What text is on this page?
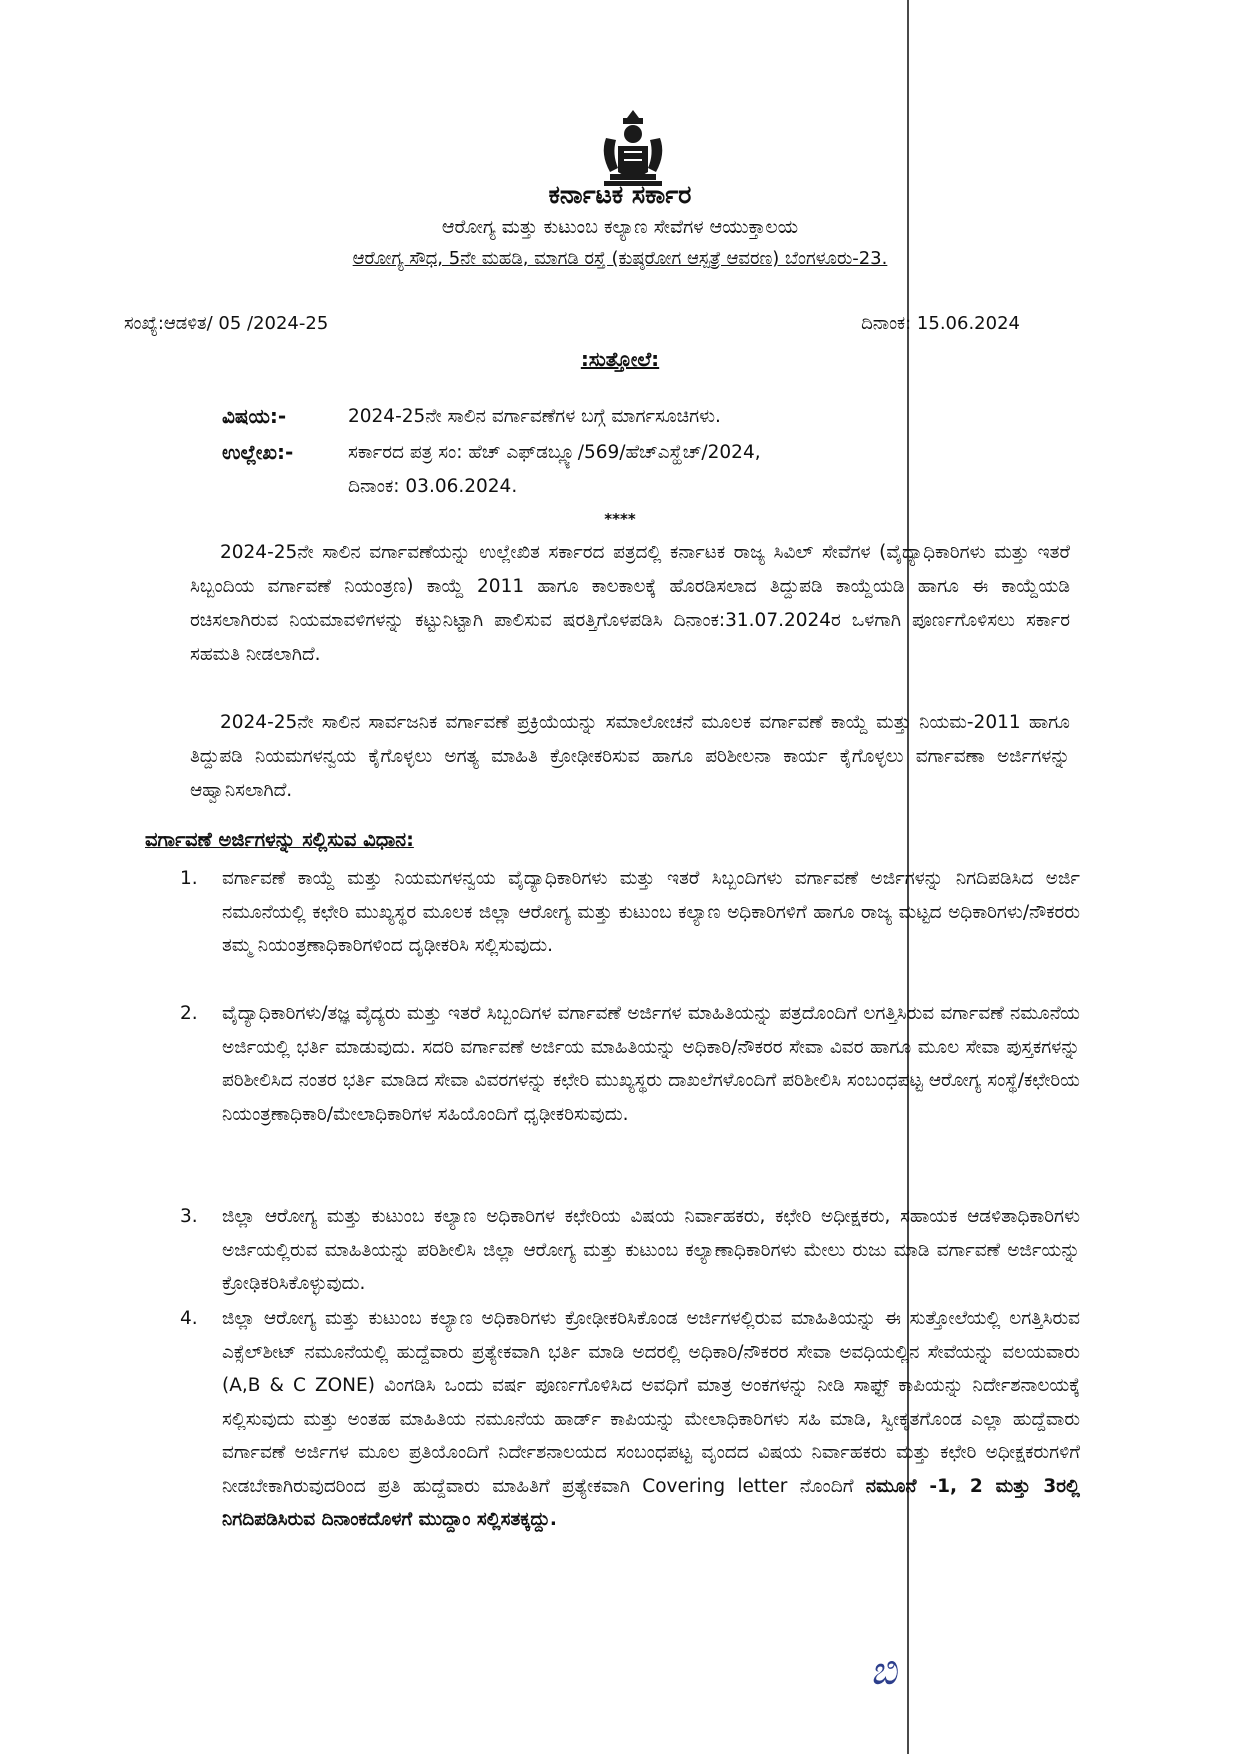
ಕರ್ನಾಟಕ ಸರ್ಕಾರ
ಆರೋಗ್ಯ ಮತ್ತು ಕುಟುಂಬ ಕಲ್ಯಾಣ ಸೇವೆಗಳ ಆಯುಕ್ತಾಲಯ
ಆರೋಗ್ಯ ಸೌಧ, 5ನೇ ಮಹಡಿ, ಮಾಗಡಿ ರಸ್ತೆ (ಕುಷ್ಠರೋಗ ಆಸ್ಪತ್ರೆ ಆವರಣ) ಬೆಂಗಳೂರು-23.
ಸಂಖ್ಯೆ:ಆಡಳಿತ/ 05 /2024-25	ದಿನಾಂಕ: 15.06.2024
:ಸುತ್ತೋಲೆ:
ವಿಷಯ:-	2024-25ನೇ ಸಾಲಿನ ವರ್ಗಾವಣೆಗಳ ಬಗ್ಗೆ ಮಾರ್ಗಸೂಚಿಗಳು.
ಉಲ್ಲೇಖ:-	ಸರ್ಕಾರದ ಪತ್ರ ಸಂ: ಹೆಚ್ ಎಫ್‌ಡಬ್ಲ್ಯೂ/569/ಹೆಚ್ಎಸ್ಹೆಚ್/2024,
ದಿನಾಂಕ: 03.06.2024.
****
2024-25ನೇ ಸಾಲಿನ ವರ್ಗಾವಣೆಯನ್ನು ಉಲ್ಲೇಖಿತ ಸರ್ಕಾರದ ಪತ್ರದಲ್ಲಿ ಕರ್ನಾಟಕ ರಾಜ್ಯ ಸಿವಿಲ್ ಸೇವೆಗಳ (ವೈದ್ಯಾಧಿಕಾರಿಗಳು ಮತ್ತು ಇತರೆ ಸಿಬ್ಬಂದಿಯ ವರ್ಗಾವಣೆ ನಿಯಂತ್ರಣ) ಕಾಯ್ದೆ 2011 ಹಾಗೂ ಕಾಲಕಾಲಕ್ಕೆ ಹೊರಡಿಸಲಾದ ತಿದ್ದುಪಡಿ ಕಾಯ್ದೆಯಡಿ ಹಾಗೂ ಈ ಕಾಯ್ದೆಯಡಿ ರಚಿಸಲಾಗಿರುವ ನಿಯಮಾವಳಿಗಳನ್ನು ಕಟ್ಟುನಿಟ್ಟಾಗಿ ಪಾಲಿಸುವ ಷರತ್ತಿಗೊಳಪಡಿಸಿ ದಿನಾಂಕ:31.07.2024ರ ಒಳಗಾಗಿ ಪೂರ್ಣಗೊಳಿಸಲು ಸರ್ಕಾರ ಸಹಮತಿ ನೀಡಲಾಗಿದೆ.
2024-25ನೇ ಸಾಲಿನ ಸಾರ್ವಜನಿಕ ವರ್ಗಾವಣೆ ಪ್ರಕ್ರಿಯೆಯನ್ನು ಸಮಾಲೋಚನೆ ಮೂಲಕ ವರ್ಗಾವಣೆ ಕಾಯ್ದೆ ಮತ್ತು ನಿಯಮ-2011 ಹಾಗೂ ತಿದ್ದುಪಡಿ ನಿಯಮಗಳನ್ವಯ ಕೈಗೊಳ್ಳಲು ಅಗತ್ಯ ಮಾಹಿತಿ ಕ್ರೋಢೀಕರಿಸುವ ಹಾಗೂ ಪರಿಶೀಲನಾ ಕಾರ್ಯ ಕೈಗೊಳ್ಳಲು ವರ್ಗಾವಣಾ ಅರ್ಜಿಗಳನ್ನು ಆಹ್ವಾನಿಸಲಾಗಿದೆ.
ವರ್ಗಾವಣೆ ಅರ್ಜಿಗಳನ್ನು ಸಲ್ಲಿಸುವ ವಿಧಾನ:
1.	ವರ್ಗಾವಣೆ ಕಾಯ್ದೆ ಮತ್ತು ನಿಯಮಗಳನ್ವಯ ವೈದ್ಯಾಧಿಕಾರಿಗಳು ಮತ್ತು ಇತರೆ ಸಿಬ್ಬಂದಿಗಳು ವರ್ಗಾವಣೆ ಅರ್ಜಿಗಳನ್ನು ನಿಗದಿಪಡಿಸಿದ ಅರ್ಜಿ ನಮೂನೆಯಲ್ಲಿ ಕಛೇರಿ ಮುಖ್ಯಸ್ಥರ ಮೂಲಕ ಜಿಲ್ಲಾ ಆರೋಗ್ಯ ಮತ್ತು ಕುಟುಂಬ ಕಲ್ಯಾಣ ಅಧಿಕಾರಿಗಳಿಗೆ ಹಾಗೂ ರಾಜ್ಯ ಮಟ್ಟದ ಅಧಿಕಾರಿಗಳು/ನೌಕರರು ತಮ್ಮ ನಿಯಂತ್ರಣಾಧಿಕಾರಿಗಳಿಂದ ದೃಢೀಕರಿಸಿ ಸಲ್ಲಿಸುವುದು.
2.	ವೈದ್ಯಾಧಿಕಾರಿಗಳು/ತಜ್ಞ ವೈದ್ಯರು ಮತ್ತು ಇತರೆ ಸಿಬ್ಬಂದಿಗಳ ವರ್ಗಾವಣೆ ಅರ್ಜಿಗಳ ಮಾಹಿತಿಯನ್ನು ಪತ್ರದೊಂದಿಗೆ ಲಗತ್ತಿಸಿರುವ ವರ್ಗಾವಣೆ ನಮೂನೆಯ ಅರ್ಜಿಯಲ್ಲಿ ಭರ್ತಿ ಮಾಡುವುದು. ಸದರಿ ವರ್ಗಾವಣೆ ಅರ್ಜಿಯ ಮಾಹಿತಿಯನ್ನು ಅಧಿಕಾರಿ/ನೌಕರರ ಸೇವಾ ವಿವರ ಹಾಗೂ ಮೂಲ ಸೇವಾ ಪುಸ್ತಕಗಳನ್ನು ಪರಿಶೀಲಿಸಿದ ನಂತರ ಭರ್ತಿ ಮಾಡಿದ ಸೇವಾ ವಿವರಗಳನ್ನು ಕಛೇರಿ ಮುಖ್ಯಸ್ಥರು ದಾಖಲೆಗಳೊಂದಿಗೆ ಪರಿಶೀಲಿಸಿ ಸಂಬಂಧಪಟ್ಟ ಆರೋಗ್ಯ ಸಂಸ್ಥೆ/ಕಛೇರಿಯ ನಿಯಂತ್ರಣಾಧಿಕಾರಿ/ಮೇಲಾಧಿಕಾರಿಗಳ ಸಹಿಯೊಂದಿಗೆ ಧೃಢೀಕರಿಸುವುದು.
3.	ಜಿಲ್ಲಾ ಆರೋಗ್ಯ ಮತ್ತು ಕುಟುಂಬ ಕಲ್ಯಾಣ ಅಧಿಕಾರಿಗಳ ಕಛೇರಿಯ ವಿಷಯ ನಿರ್ವಾಹಕರು, ಕಛೇರಿ ಅಧೀಕ್ಷಕರು, ಸಹಾಯಕ ಆಡಳಿತಾಧಿಕಾರಿಗಳು ಅರ್ಜಿಯಲ್ಲಿರುವ ಮಾಹಿತಿಯನ್ನು ಪರಿಶೀಲಿಸಿ ಜಿಲ್ಲಾ ಆರೋಗ್ಯ ಮತ್ತು ಕುಟುಂಬ ಕಲ್ಯಾಣಾಧಿಕಾರಿಗಳು ಮೇಲು ರುಜು ಮಾಡಿ ವರ್ಗಾವಣೆ ಅರ್ಜಿಯನ್ನು ಕ್ರೋಢಿಕರಿಸಿಕೊಳ್ಳುವುದು.
4.	ಜಿಲ್ಲಾ ಆರೋಗ್ಯ ಮತ್ತು ಕುಟುಂಬ ಕಲ್ಯಾಣ ಅಧಿಕಾರಿಗಳು ಕ್ರೋಢೀಕರಿಸಿಕೊಂಡ ಅರ್ಜಿಗಳಲ್ಲಿರುವ ಮಾಹಿತಿಯನ್ನು ಈ ಸುತ್ತೋಲೆಯಲ್ಲಿ ಲಗತ್ತಿಸಿರುವ ಎಕ್ಸೆಲ್‌ಶೀಟ್ ನಮೂನೆಯಲ್ಲಿ ಹುದ್ದೆವಾರು ಪ್ರತ್ಯೇಕವಾಗಿ ಭರ್ತಿ ಮಾಡಿ ಅದರಲ್ಲಿ ಅಧಿಕಾರಿ/ನೌಕರರ ಸೇವಾ ಅವಧಿಯಲ್ಲಿನ ಸೇವೆಯನ್ನು ವಲಯವಾರು (A,B & C ZONE) ವಿಂಗಡಿಸಿ ಒಂದು ವರ್ಷ ಪೂರ್ಣಗೊಳಿಸಿದ ಅವಧಿಗೆ ಮಾತ್ರ ಅಂಕಗಳನ್ನು ನೀಡಿ ಸಾಫ್ಟ್ ಕಾಪಿಯನ್ನು ನಿರ್ದೇಶನಾಲಯಕ್ಕೆ ಸಲ್ಲಿಸುವುದು ಮತ್ತು ಅಂತಹ ಮಾಹಿತಿಯ ನಮೂನೆಯ ಹಾರ್ಡ್ ಕಾಪಿಯನ್ನು ಮೇಲಾಧಿಕಾರಿಗಳು ಸಹಿ ಮಾಡಿ, ಸ್ವೀಕೃತಗೊಂಡ ಎಲ್ಲಾ ಹುದ್ದೆವಾರು ವರ್ಗಾವಣೆ ಅರ್ಜಿಗಳ ಮೂಲ ಪ್ರತಿಯೊಂದಿಗೆ ನಿರ್ದೇಶನಾಲಯದ ಸಂಬಂಧಪಟ್ಟ ವೃಂದದ ವಿಷಯ ನಿರ್ವಾಹಕರು ಮತ್ತು ಕಛೇರಿ ಅಧೀಕ್ಷಕರುಗಳಿಗೆ ನೀಡಬೇಕಾಗಿರುವುದರಿಂದ ಪ್ರತಿ ಹುದ್ದೆವಾರು ಮಾಹಿತಿಗೆ ಪ್ರತ್ಯೇಕವಾಗಿ Covering letter ನೊಂದಿಗೆ ನಮೂನೆ -1, 2 ಮತ್ತು 3ರಲ್ಲಿ ನಿಗದಿಪಡಿಸಿರುವ ದಿನಾಂಕದೊಳಗೆ ಮುದ್ದಾಂ ಸಲ್ಲಿಸತಕ್ಕದ್ದು.
ಬಿ
